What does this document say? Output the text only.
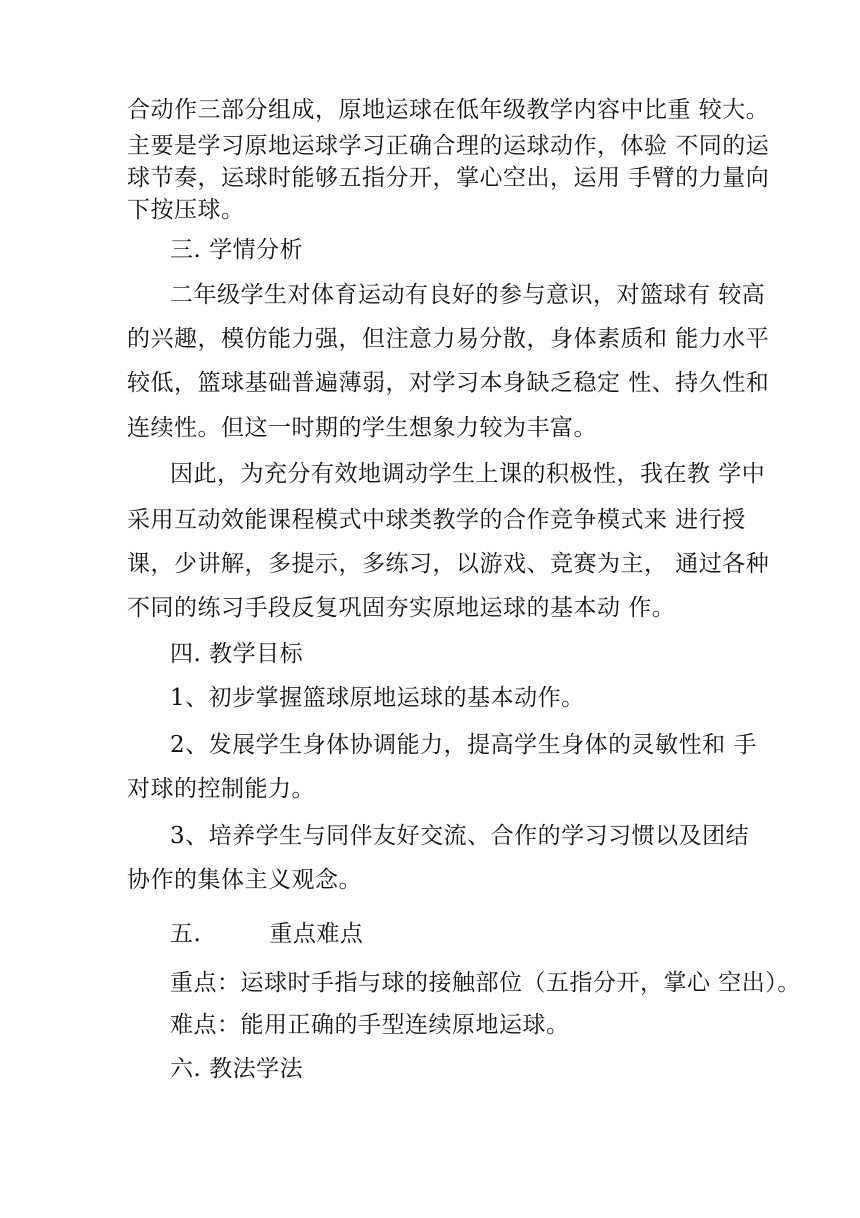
合动作三部分组成，原地运球在低年级教学内容中比重 较大。
主要是学习原地运球学习正确合理的运球动作，体验 不同的运
球节奏，运球时能够五指分开，掌心空出，运用 手臂的力量向
下按压球。
三. 学情分析
二年级学生对体育运动有良好的参与意识，对篮球有 较高
的兴趣，模仿能力强，但注意力易分散，身体素质和 能力水平
较低，篮球基础普遍薄弱，对学习本身缺乏稳定 性、持久性和
连续性。但这一时期的学生想象力较为丰富。
因此，为充分有效地调动学生上课的积极性，我在教 学中
采用互动效能课程模式中球类教学的合作竞争模式来 进行授
课，少讲解，多提示，多练习，以游戏、竞赛为主， 通过各种
不同的练习手段反复巩固夯实原地运球的基本动 作。
四. 教学目标
1、初步掌握篮球原地运球的基本动作。
2、发展学生身体协调能力，提高学生身体的灵敏性和 手
对球的控制能力。
3、培养学生与同伴友好交流、合作的学习习惯以及团结
协作的集体主义观念。
五.	重点难点
重点：运球时手指与球的接触部位（五指分开，掌心 空出）。
难点：能用正确的手型连续原地运球。
六. 教法学法
